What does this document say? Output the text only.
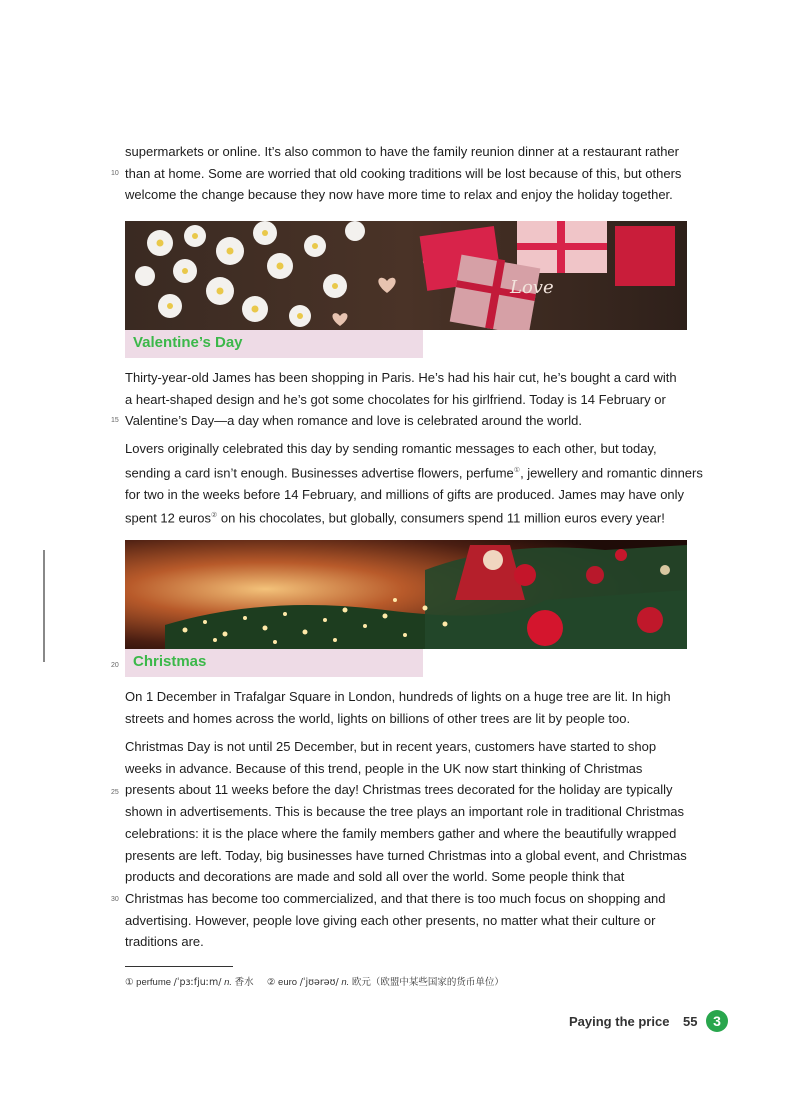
supermarkets or online. It’s also common to have the family reunion dinner at a restaurant rather
than at home. Some are worried that old cooking traditions will be lost because of this, but others
welcome the change because they now have more time to relax and enjoy the holiday together.

10
Love
Valentine’s Day

Thirty-year-old James has been shopping in Paris. He’s had his hair cut, he’s bought a card with
a heart-shaped design and he’s got some chocolates for his girlfriend. Today is 14 February or
Valentine’s Day—a day when romance and love is celebrated around the world.

15

Lovers originally celebrated this day by sending romantic messages to each other, but today,
sending a card isn’t enough. Businesses advertise flowers, perfume①, jewellery and romantic dinners
for two in the weeks before 14 February, and millions of gifts are produced. James may have only
spent 12 euros② on his chocolates, but globally, consumers spend 11 million euros every year!

Christmas
20

On 1 December in Trafalgar Square in London, hundreds of lights on a huge tree are lit. In high
streets and homes across the world, lights on billions of other trees are lit by people too.

Christmas Day is not until 25 December, but in recent years, customers have started to shop
weeks in advance. Because of this trend, people in the UK now start thinking of Christmas
presents about 11 weeks before the day! Christmas trees decorated for the holiday are typically
shown in advertisements. This is because the tree plays an important role in traditional Christmas
celebrations: it is the place where the family members gather and where the beautifully wrapped
presents are left. Today, big businesses have turned Christmas into a global event, and Christmas
products and decorations are made and sold all over the world. Some people think that
Christmas has become too commercialized, and that there is too much focus on shopping and
advertising. However, people love giving each other presents, no matter what their culture or
traditions are.

25
30
① perfume /ˈpɜːfjuːm/ n. 香水 ② euro /ˈjʊərəʊ/ n. 欧元（欧盟中某些国家的货币单位）
Paying the price 55	3
